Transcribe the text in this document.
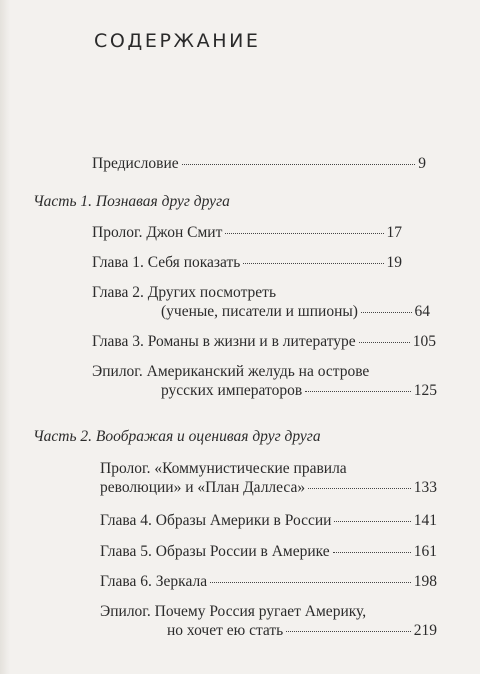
СОДЕРЖАНИЕ
Предисловие	9
Часть 1. Познавая друг друга
Пролог. Джон Смит	17
Глава 1. Себя показать	19
Глава 2. Других посмотреть
(ученые, писатели и шпионы)	64
Глава 3. Романы в жизни и в литературе	105
Эпилог. Американский желудь на острове
русских императоров	125
Часть 2. Воображая и оценивая друг друга
Пролог. «Коммунистические правила
революции» и «План Даллеса»	133
Глава 4. Образы Америки в России	141
Глава 5. Образы России в Америке	161
Глава 6. Зеркала	198
Эпилог. Почему Россия ругает Америку,
но хочет ею стать	219
